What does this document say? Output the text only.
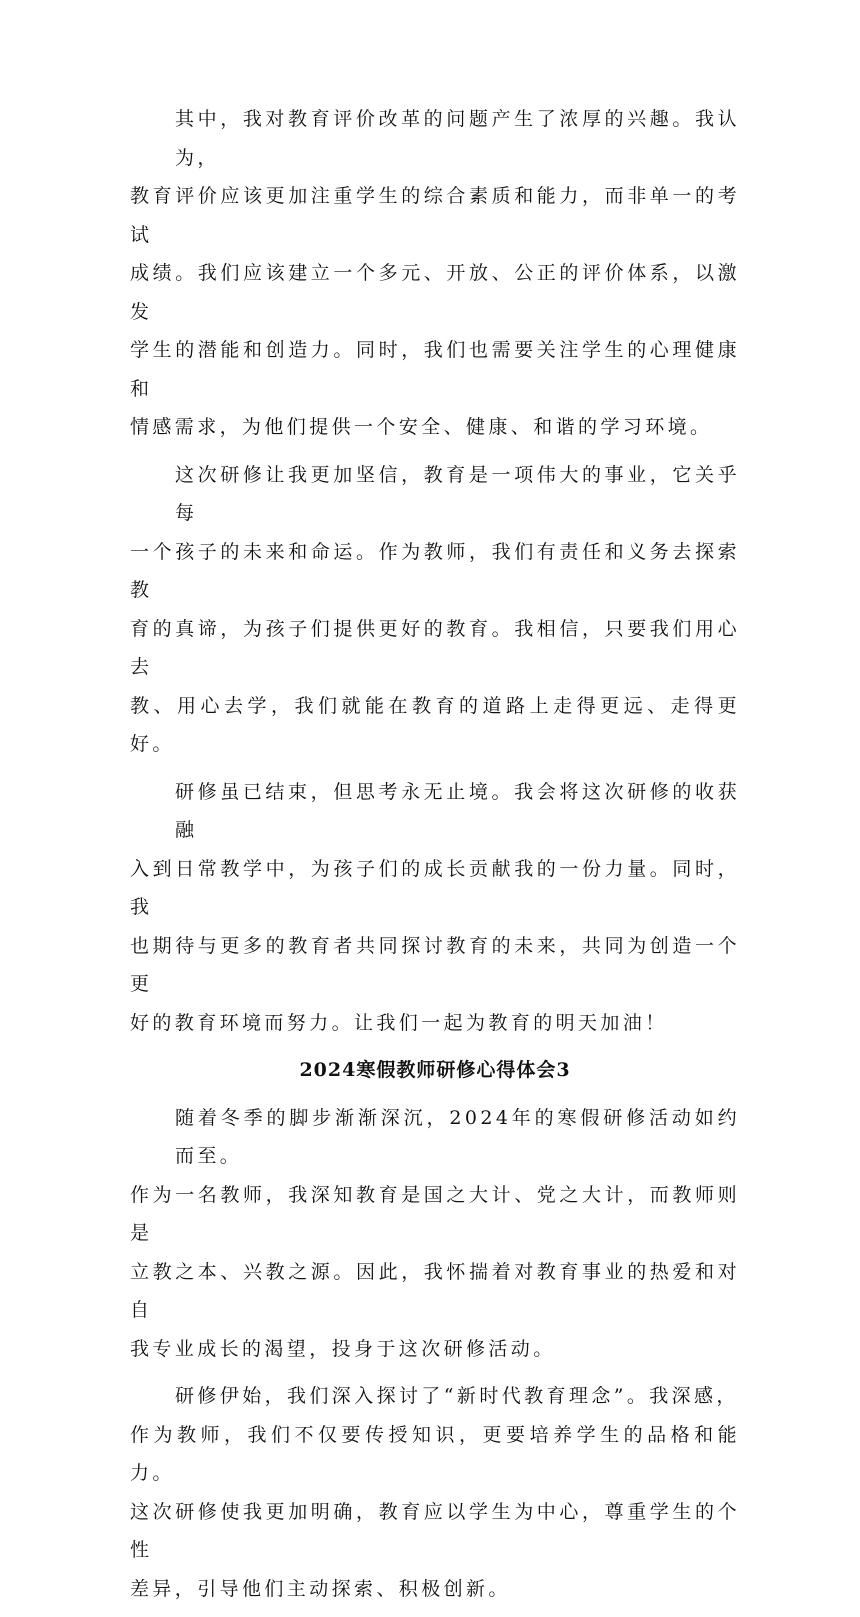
其中，我对教育评价改革的问题产生了浓厚的兴趣。我认为，
教育评价应该更加注重学生的综合素质和能力，而非单一的考试
成绩。我们应该建立一个多元、开放、公正的评价体系，以激发
学生的潜能和创造力。同时，我们也需要关注学生的心理健康和
情感需求，为他们提供一个安全、健康、和谐的学习环境。

这次研修让我更加坚信，教育是一项伟大的事业，它关乎每
一个孩子的未来和命运。作为教师，我们有责任和义务去探索教
育的真谛，为孩子们提供更好的教育。我相信，只要我们用心去
教、用心去学，我们就能在教育的道路上走得更远、走得更好。

研修虽已结束，但思考永无止境。我会将这次研修的收获融
入到日常教学中，为孩子们的成长贡献我的一份力量。同时，我
也期待与更多的教育者共同探讨教育的未来，共同为创造一个更
好的教育环境而努力。让我们一起为教育的明天加油！

2024寒假教师研修心得体会3

随着冬季的脚步渐渐深沉，2024年的寒假研修活动如约而至。
作为一名教师，我深知教育是国之大计、党之大计，而教师则是
立教之本、兴教之源。因此，我怀揣着对教育事业的热爱和对自
我专业成长的渴望，投身于这次研修活动。

研修伊始，我们深入探讨了“新时代教育理念”。我深感，
作为教师，我们不仅要传授知识，更要培养学生的品格和能力。
这次研修使我更加明确，教育应以学生为中心，尊重学生的个性
差异，引导他们主动探索、积极创新。
